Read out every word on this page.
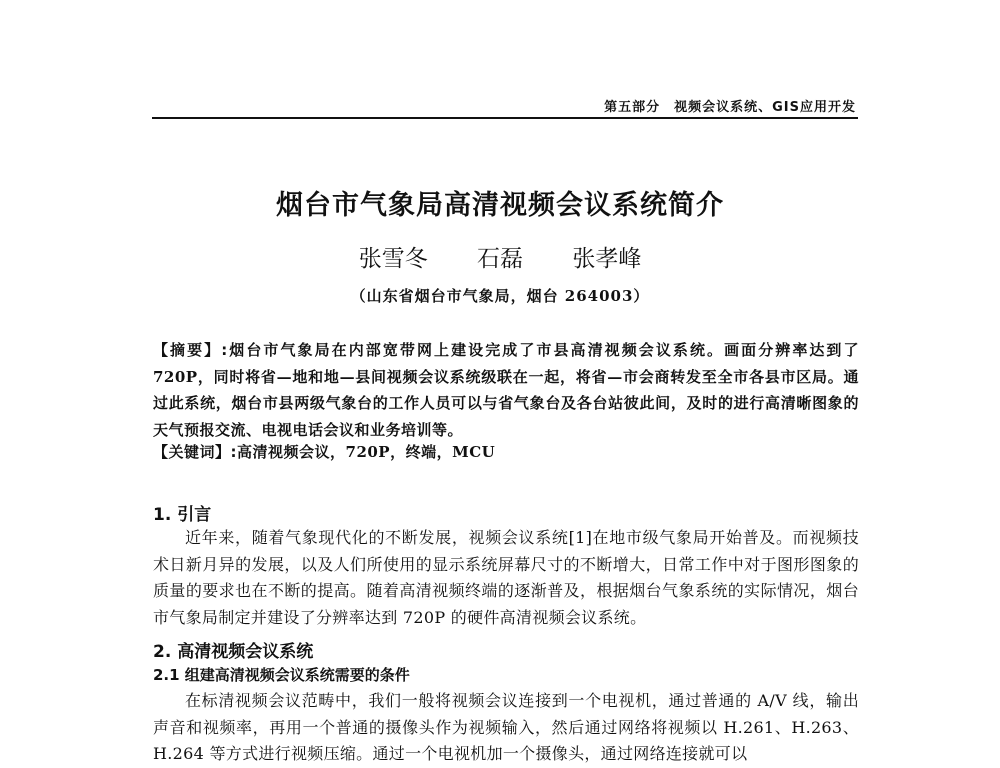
第五部分　视频会议系统、GIS应用开发
烟台市气象局高清视频会议系统简介
张雪冬 石磊 张孝峰
（山东省烟台市气象局，烟台 264003）
【摘要】:烟台市气象局在内部宽带网上建设完成了市县高清视频会议系统。画面分辨率达到了 720P，同时将省—地和地—县间视频会议系统级联在一起，将省—市会商转发至全市各县市区局。通过此系统，烟台市县两级气象台的工作人员可以与省气象台及各台站彼此间，及时的进行高清晰图象的天气预报交流、电视电话会议和业务培训等。
【关键词】:高清视频会议，720P，终端，MCU
1. 引言
近年来，随着气象现代化的不断发展，视频会议系统[1]在地市级气象局开始普及。而视频技术日新月异的发展，以及人们所使用的显示系统屏幕尺寸的不断增大，日常工作中对于图形图象的质量的要求也在不断的提高。随着高清视频终端的逐渐普及，根据烟台气象系统的实际情况，烟台市气象局制定并建设了分辨率达到 720P 的硬件高清视频会议系统。
2. 高清视频会议系统
2.1 组建高清视频会议系统需要的条件
在标清视频会议范畴中，我们一般将视频会议连接到一个电视机，通过普通的 A/V 线，输出声音和视频率，再用一个普通的摄像头作为视频输入，然后通过网络将视频以 H.261、H.263、H.264 等方式进行视频压缩。通过一个电视机加一个摄像头，通过网络连接就可以
